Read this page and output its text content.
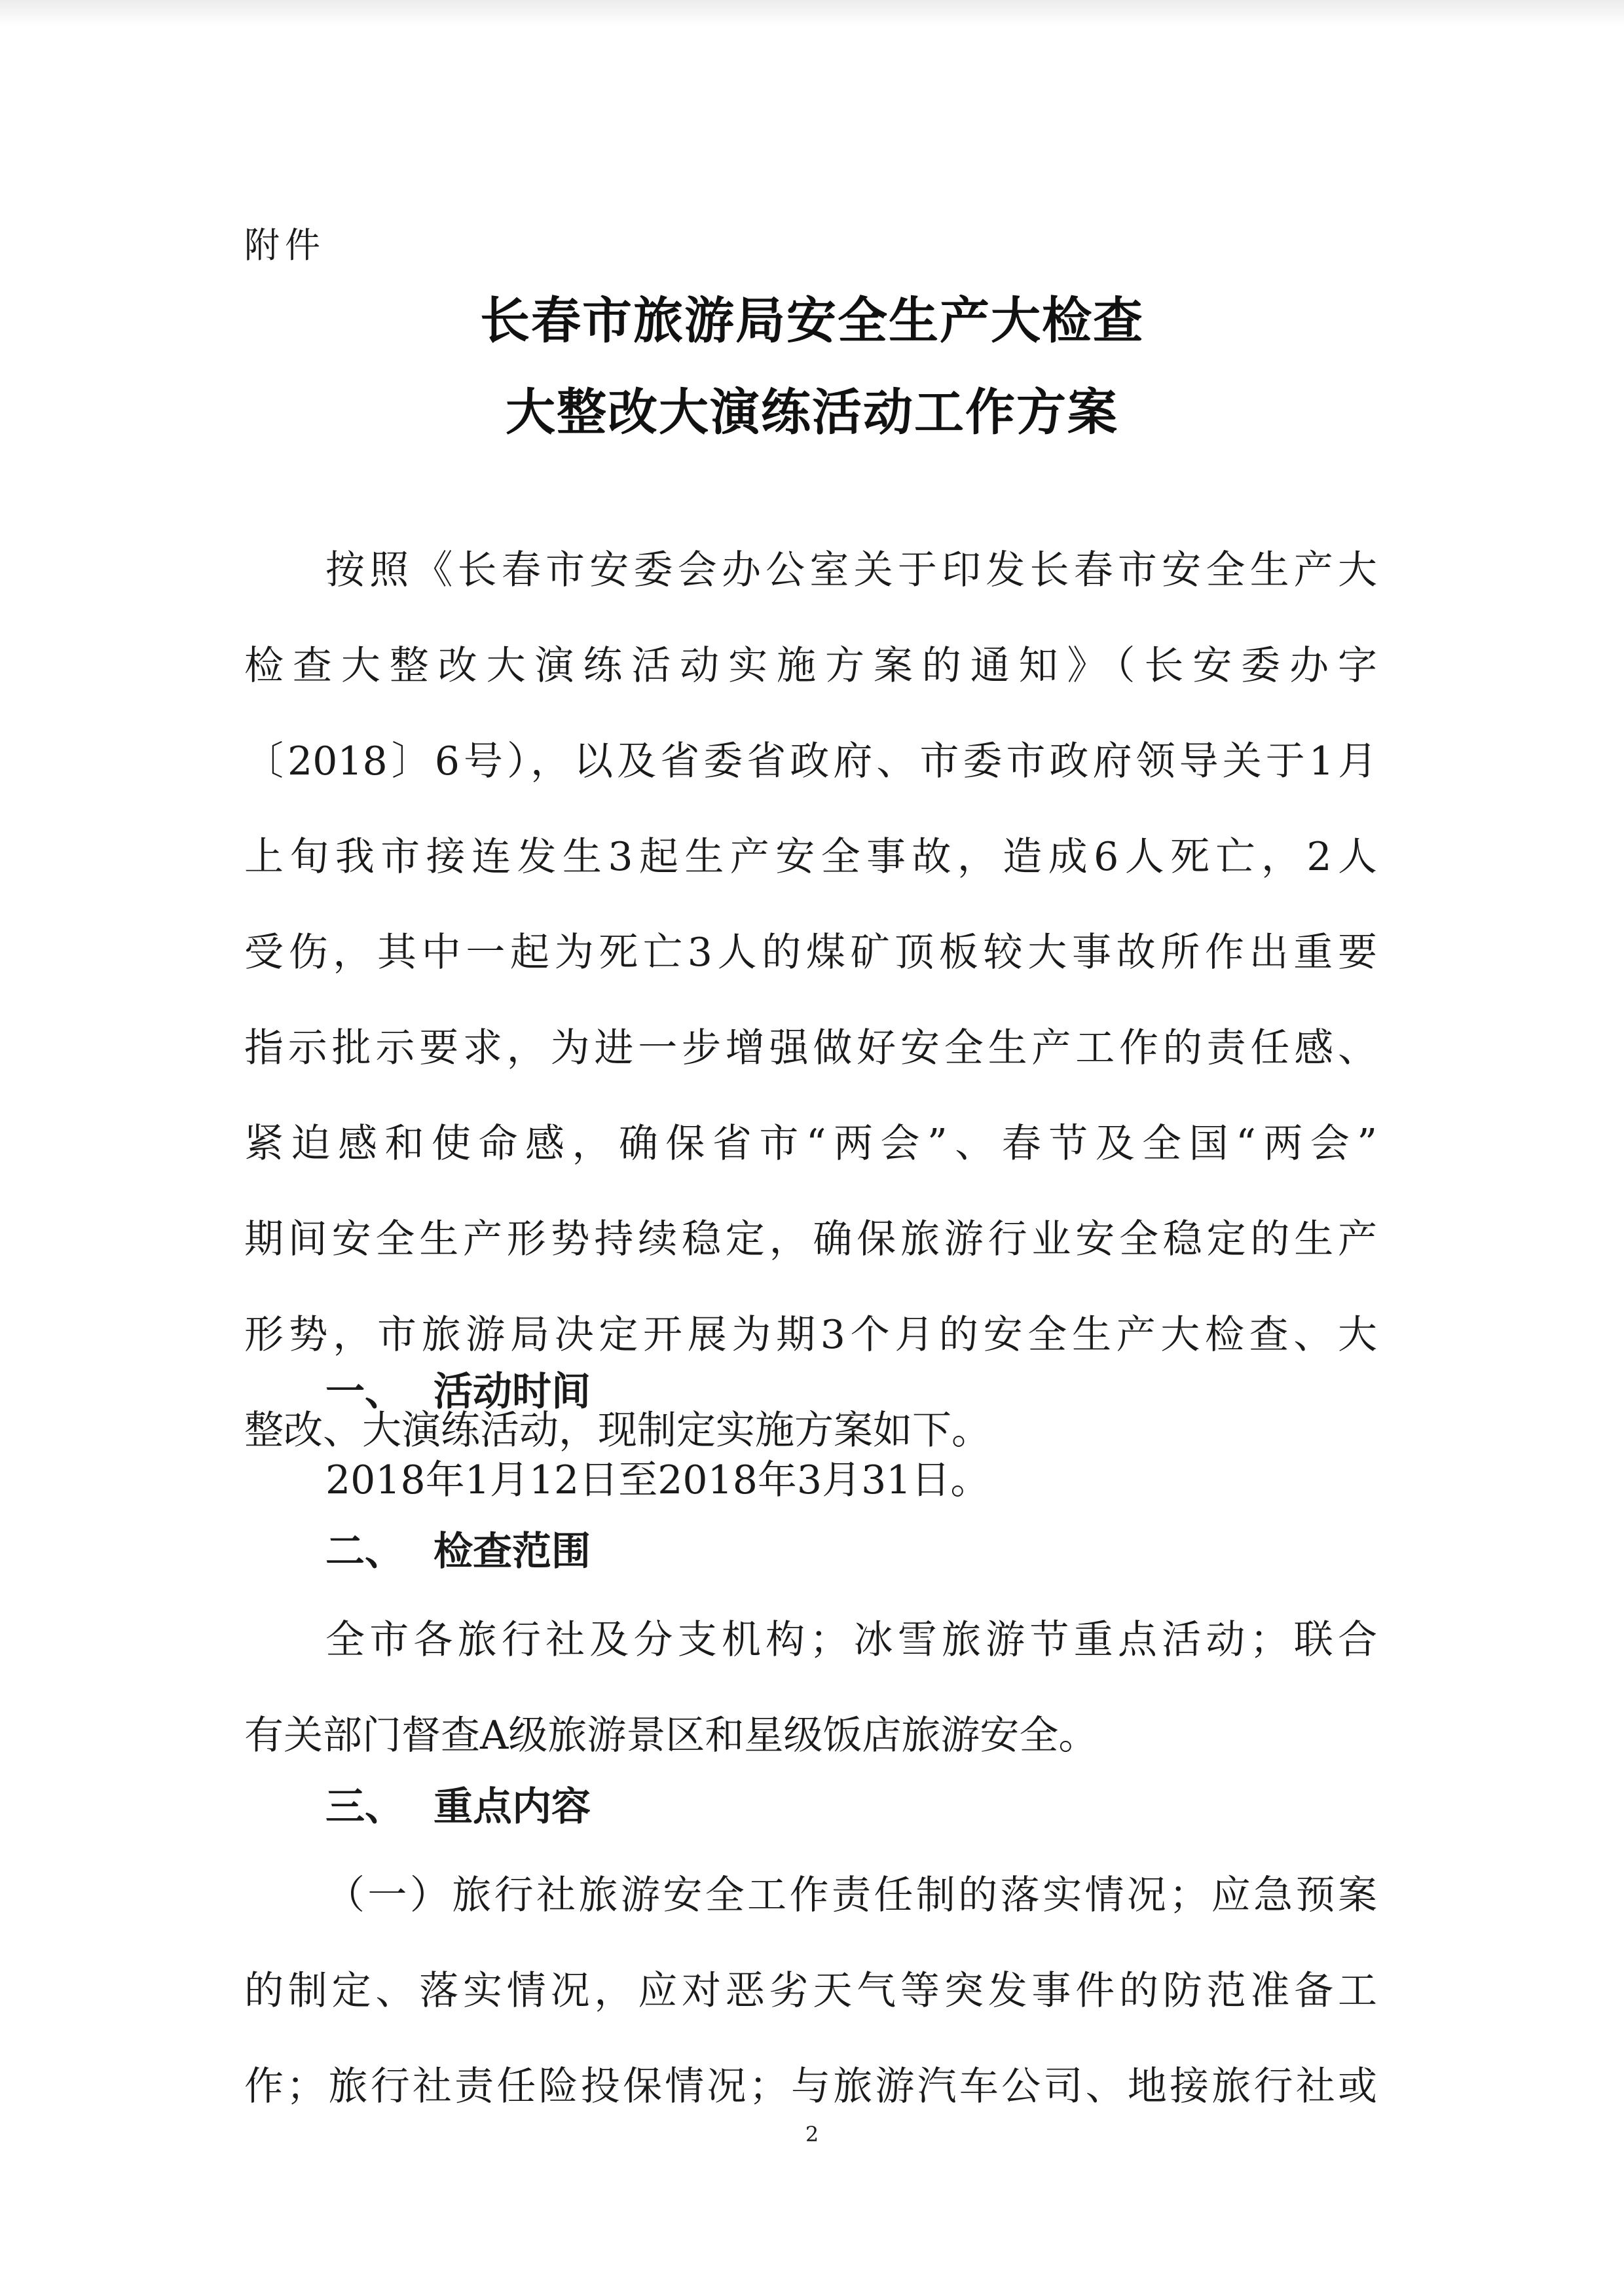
附件
长春市旅游局安全生产大检查
大整改大演练活动工作方案
按照《长春市安委会办公室关于印发长春市安全生产大
检查大整改大演练活动实施方案的通知》（长安委办字
〔2018〕6号），以及省委省政府、市委市政府领导关于1月
上旬我市接连发生3起生产安全事故，造成6人死亡，2人
受伤，其中一起为死亡3人的煤矿顶板较大事故所作出重要
指示批示要求，为进一步增强做好安全生产工作的责任感、
紧迫感和使命感，确保省市“两会”、春节及全国“两会”
期间安全生产形势持续稳定，确保旅游行业安全稳定的生产
形势，市旅游局决定开展为期3个月的安全生产大检查、大
整改、大演练活动，现制定实施方案如下。
一、 活动时间
2018年1月12日至2018年3月31日。
二、 检查范围
全市各旅行社及分支机构；冰雪旅游节重点活动；联合
有关部门督查A级旅游景区和星级饭店旅游安全。
三、 重点内容
（一）旅行社旅游安全工作责任制的落实情况；应急预案
的制定、落实情况，应对恶劣天气等突发事件的防范准备工
作；旅行社责任险投保情况；与旅游汽车公司、地接旅行社或
2
